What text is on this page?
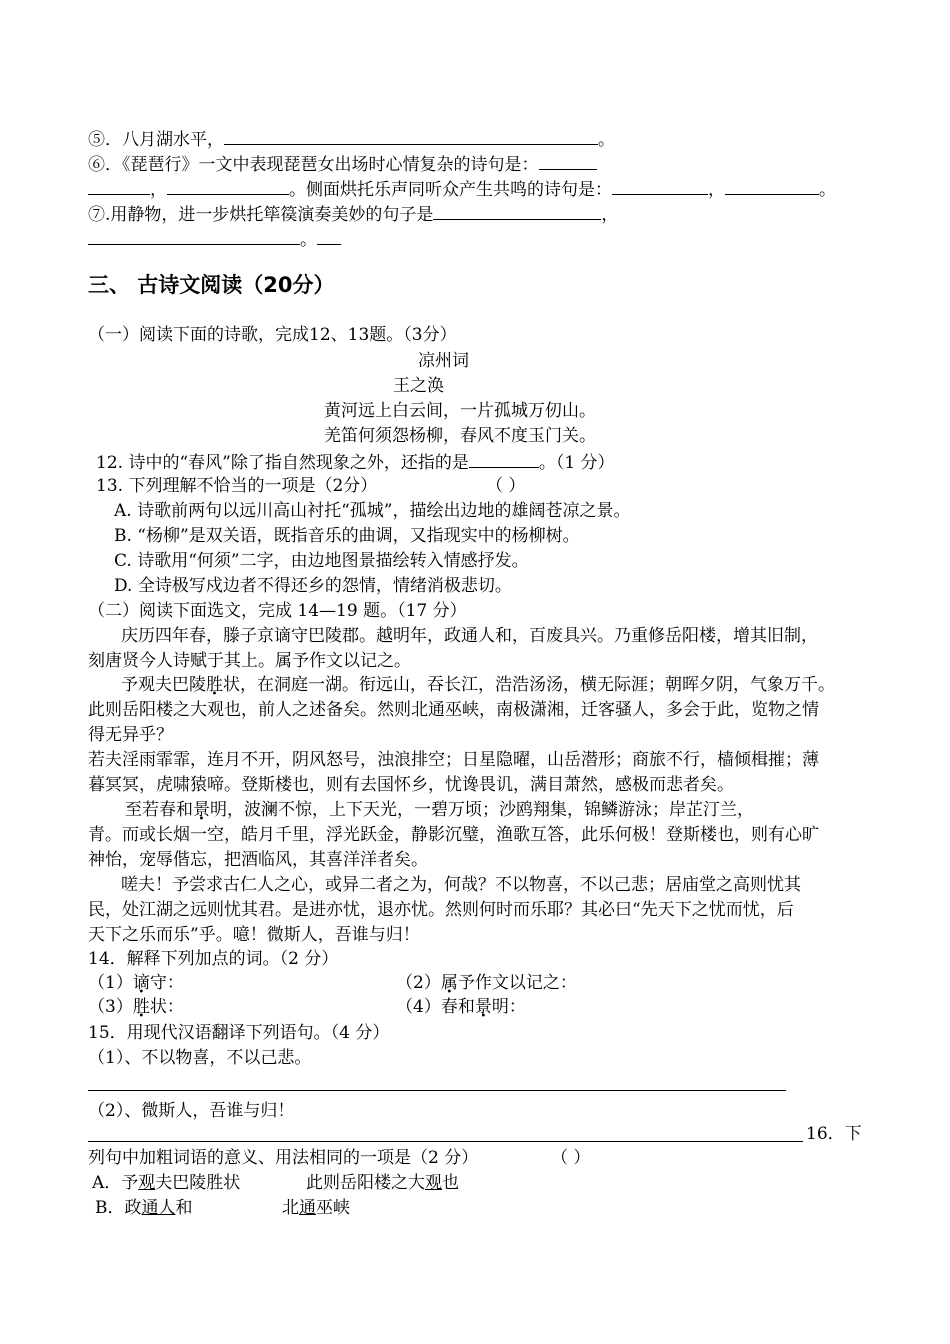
⑤．八月湖水平，	。
⑥．《琵琶行》一文中表现琵琶女出场时心情复杂的诗句是：
，	。侧面烘托乐声同听众产生共鸣的诗句是：	，	。
⑦.用静物，进一步烘托筚篌演奏美妙的句子是	，
。
三、 古诗文阅读（20分）
（一）阅读下面的诗歌，完成12、13题。（3分）
凉州词
王之涣
黄河远上白云间，一片孤城万仞山。
羌笛何须怨杨柳，春风不度玉门关。
12. 诗中的“春风”除了指自然现象之外，还指的是	。（1 分）
13. 下列理解不恰当的一项是（2分）	（ ）
A. 诗歌前两句以远川高山衬托“孤城”，描绘出边地的雄阔苍凉之景。
B. “杨柳”是双关语，既指音乐的曲调，又指现实中的杨柳树。
C. 诗歌用“何须”二字，由边地图景描绘转入情感抒发。
D. 全诗极写戍边者不得还乡的怨情，情绪消极悲切。
（二）阅读下面选文，完成 14—19 题。（17 分）
庆历四年春，滕子京谪守巴陵郡。越明年，政通人和，百废具兴。乃重修岳阳楼，增其旧制，
刻唐贤今人诗赋于其上。属予作文以记之。
予观夫巴陵胜状，在洞庭一湖。衔远山，吞长江，浩浩汤汤，横无际涯；朝晖夕阴，气象万千。
此则岳阳楼之大观也，前人之述备矣。然则北通巫峡，南极潇湘，迁客骚人，多会于此，览物之情
得无异乎？
若夫淫雨霏霏，连月不开，阴风怒号，浊浪排空；日星隐曜，山岳潜形；商旅不行，樯倾楫摧；薄
暮冥冥，虎啸猿啼。登斯楼也，则有去国怀乡，忧谗畏讥，满目萧然，感极而悲者矣。
至若春和景明，波澜不惊，上下天光，一碧万顷；沙鸥翔集，锦鳞游泳；岸芷汀兰，
青。而或长烟一空，皓月千里，浮光跃金，静影沉璧，渔歌互答，此乐何极！登斯楼也，则有心旷
神怡，宠辱偕忘，把酒临风，其喜洋洋者矣。
嗟夫！予尝求古仁人之心，或异二者之为，何哉？不以物喜，不以己悲；居庙堂之高则忧其
民，处江湖之远则忧其君。是进亦忧，退亦忧。然则何时而乐耶？其必曰“先天下之忧而忧，后
天下之乐而乐”乎。噫！微斯人，吾谁与归！
14．解释下列加点的词。（2 分）
（1）谪守：	（2）属予作文以记之：
（3）胜状：	（4）春和景明：
15．用现代汉语翻译下列语句。（4 分）
（1）、不以物喜，不以己悲。
（2）、微斯人，吾谁与归！
16．下
列句中加粗词语的意义、用法相同的一项是（2 分）	（ ）
A．予观夫巴陵胜状	此则岳阳楼之大观也
B．政通人和	北通巫峡
